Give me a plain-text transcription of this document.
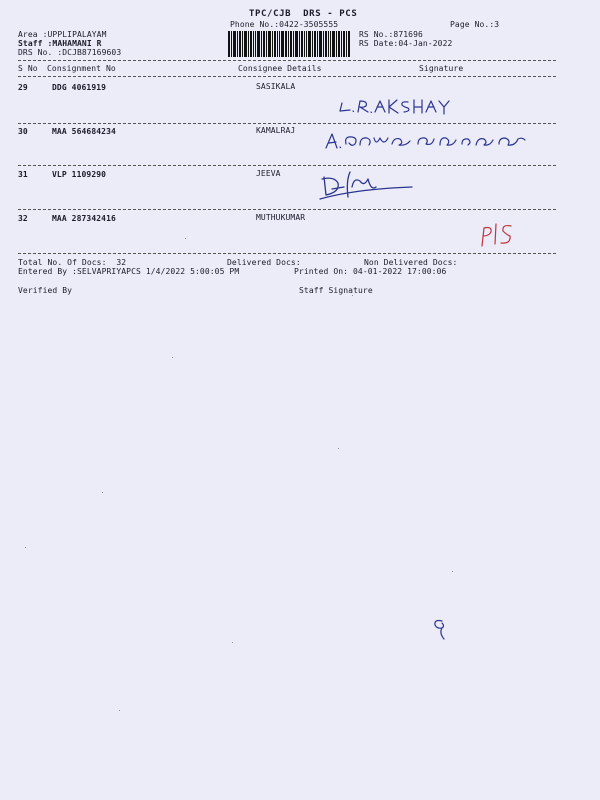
TPC/CJB  DRS - PCS
Phone No.:0422-3505555	Page No.:3
Area :UPPLIPALAYAM
Staff :MAHAMANI R
DRS No. :DCJB87169603
RS No.:871696
RS Date:04-Jan-2022
S No Consignment No	Consignee Details	Signature
29	DDG 4061919	SASIKALA
30	MAA 564684234	KAMALRAJ
31	VLP 1109290	JEEVA
32	MAA 287342416	MUTHUKUMAR
Total No. Of Docs:  32	Delivered Docs:	Non Delivered Docs:
Entered By :SELVAPRIYAPCS 1/4/2022 5:00:05 PM	Printed On: 04-01-2022 17:00:06
Verified By	Staff Signature
